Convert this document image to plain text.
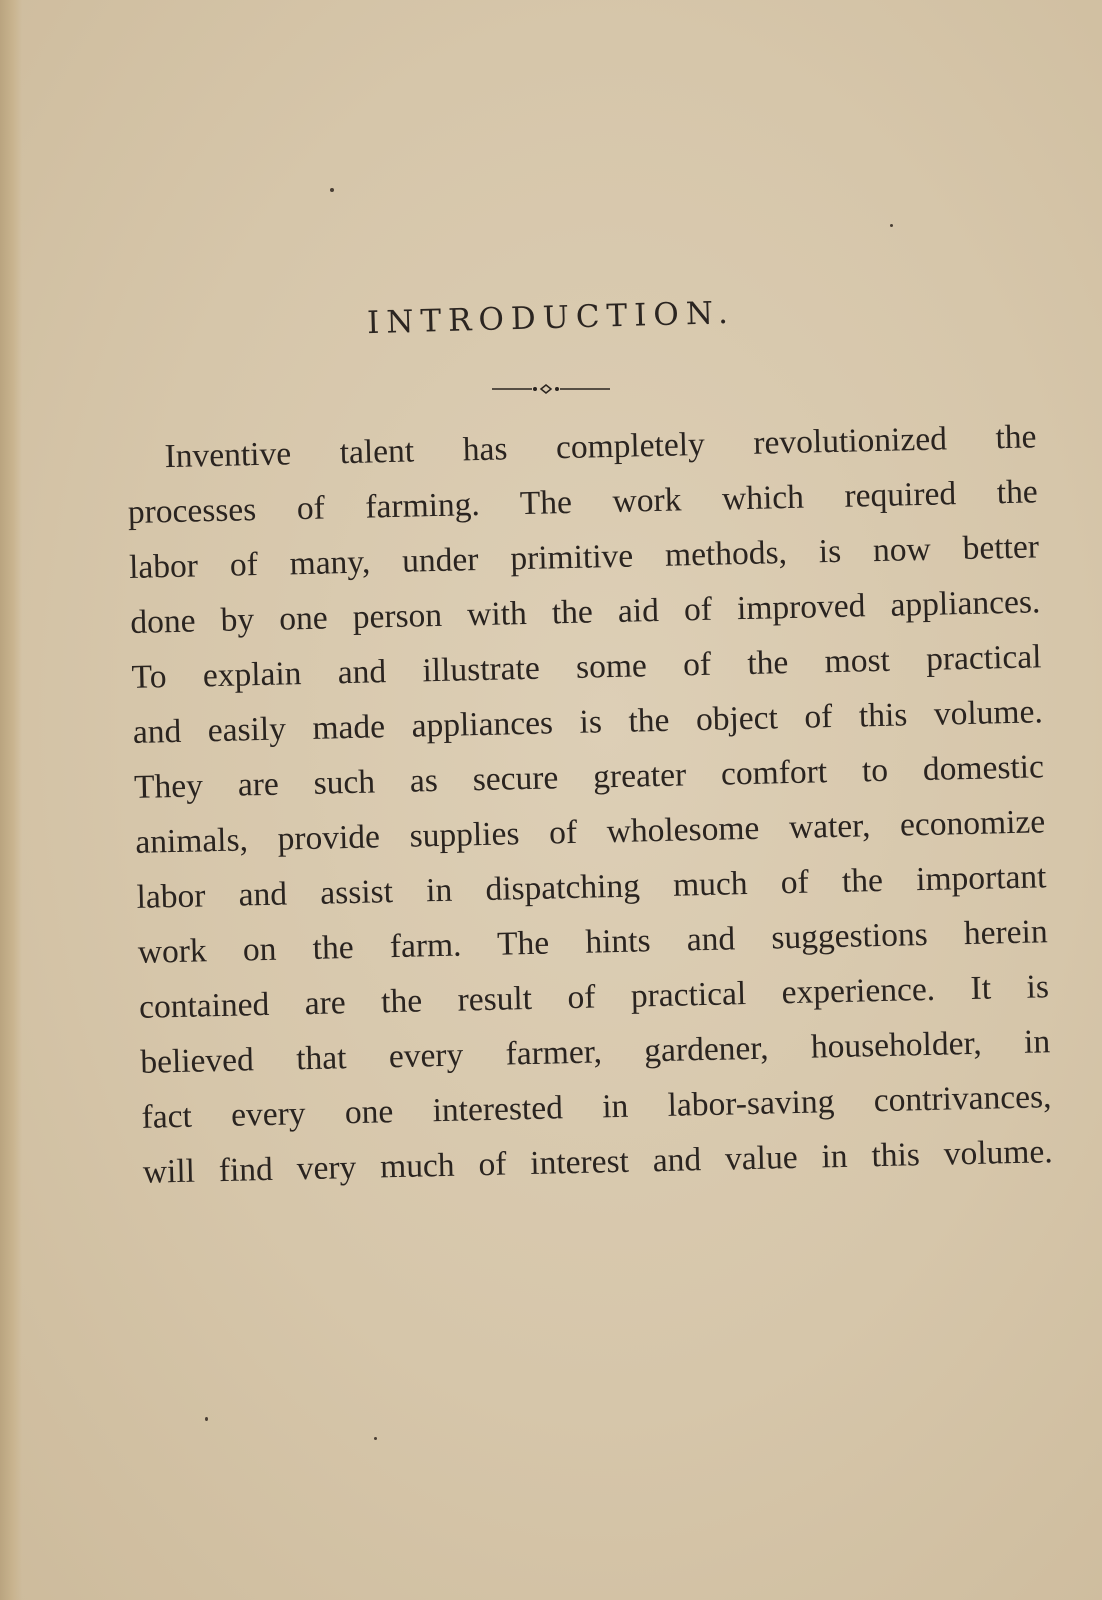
INTRODUCTION.
Inventive talent has completely revolutionized the
processes of farming. The work which required the
labor of many, under primitive methods, is now better
done by one person with the aid of improved appliances.
To explain and illustrate some of the most practical
and easily made appliances is the object of this volume.
They are such as secure greater comfort to domestic
animals, provide supplies of wholesome water, economize
labor and assist in dispatching much of the important
work on the farm. The hints and suggestions herein
contained are the result of practical experience. It is
believed that every farmer, gardener, householder, in
fact every one interested in labor-saving contrivances,
will find very much of interest and value in this volume.
